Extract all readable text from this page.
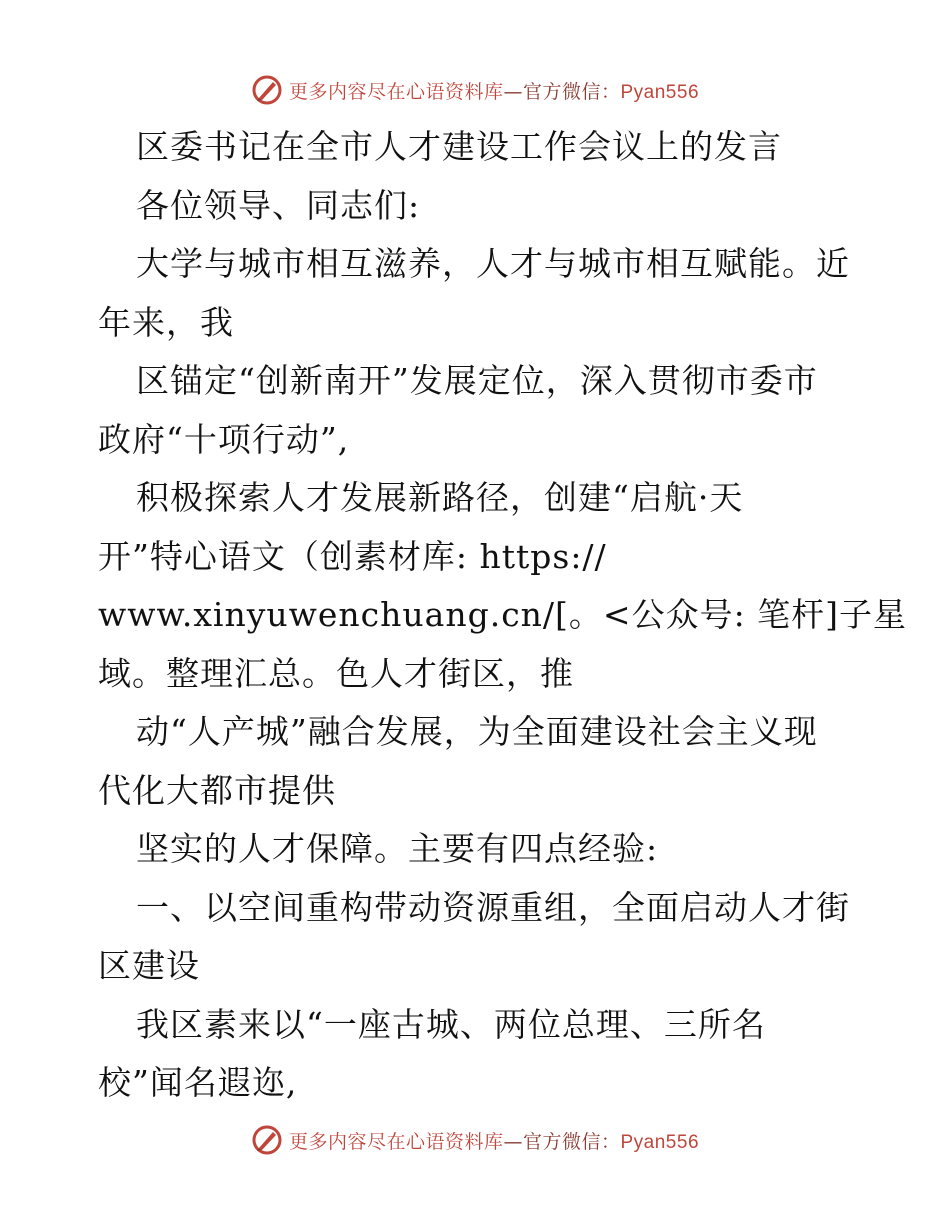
更多内容尽在心语资料库—官方微信：Pyan556
区委书记在全市人才建设工作会议上的发言
各位领导、同志们:
大学与城市相互滋养，人才与城市相互赋能。近
年来，我
区锚定“创新南开”发展定位，深入贯彻市委市
政府“十项行动”,
积极探索人才发展新路径，创建“启航·天
开”特心语文（创素材库: https://
www.xinyuwenchuang.cn/[。<公众号: 笔杆]子星
域。整理汇总。色人才街区，推
动“人产城”融合发展，为全面建设社会主义现
代化大都市提供
坚实的人才保障。主要有四点经验:
一、以空间重构带动资源重组，全面启动人才街
区建设
我区素来以“一座古城、两位总理、三所名
校”闻名遐迩,
更多内容尽在心语资料库—官方微信：Pyan556
